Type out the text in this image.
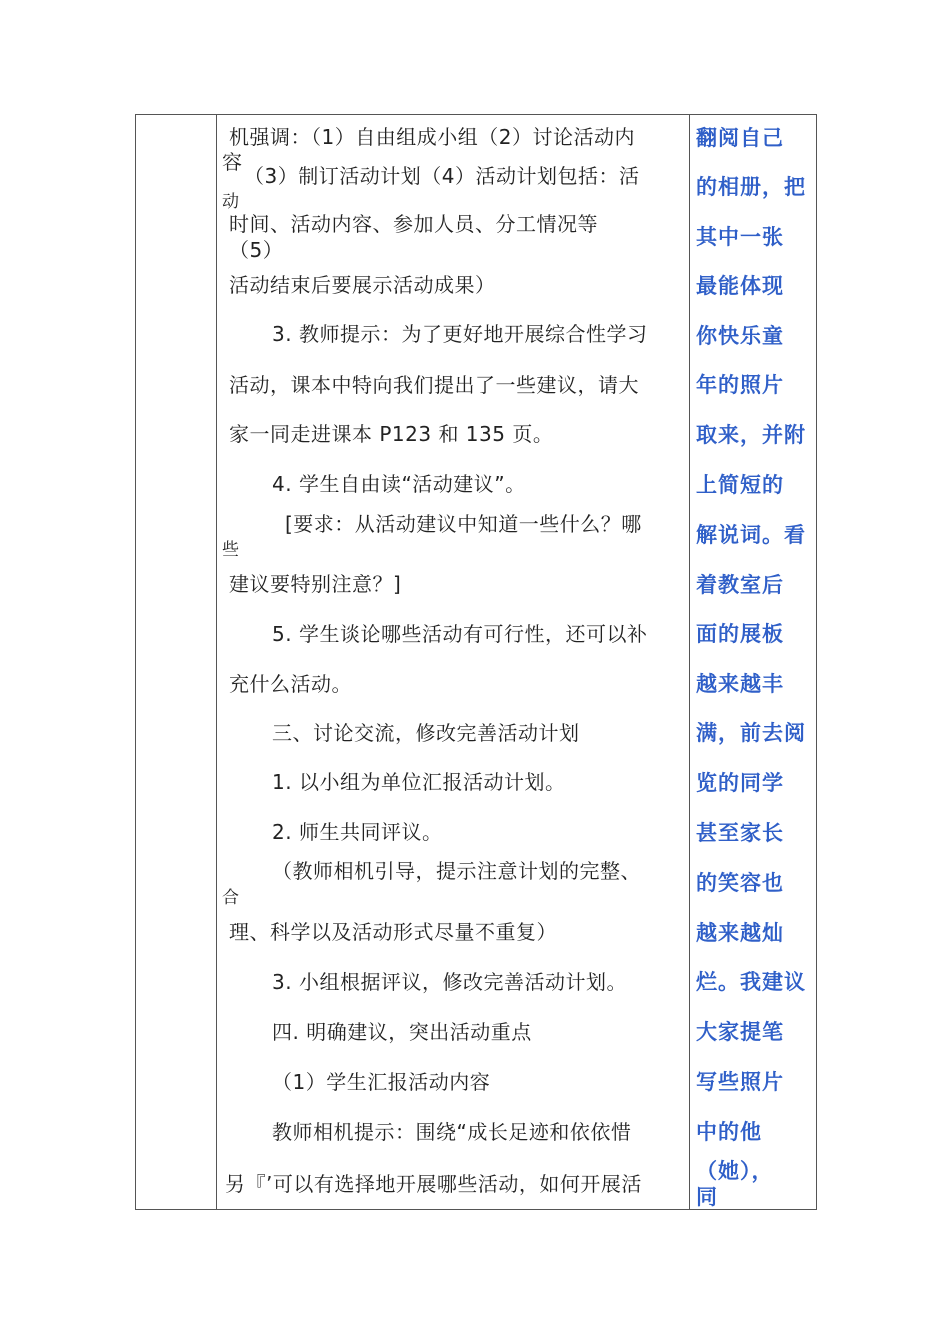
机强调：（1）自由组成小组（2）讨论活动内
容
（3）制订活动计划（4）活动计划包括：活
动
时间、活动内容、参加人员、分工情况等
（5）
活动结束后要展示活动成果）
3. 教师提示：为了更好地开展综合性学习
活动，课本中特向我们提出了一些建议，请大
家一同走进课本 P123 和 135 页。
4. 学生自由读“活动建议”。
[要求：从活动建议中知道一些什么？哪
些
建议要特别注意？]
5. 学生谈论哪些活动有可行性，还可以补
充什么活动。
三、讨论交流，修改完善活动计划
1. 以小组为单位汇报活动计划。
2. 师生共同评议。
（教师相机引导，提示注意计划的完整、
合
理、科学以及活动形式尽量不重复）
3. 小组根据评议，修改完善活动计划。
四. 明确建议，突出活动重点
（1）学生汇报活动内容
教师相机提示：围绕“成长足迹和依依惜
另『’可以有选择地开展哪些活动，如何开展活
翻阅自己
的相册，把
其中一张
最能体现
你快乐童
年的照片
取来，并附
上简短的
解说词。看
着教室后
面的展板
越来越丰
满，前去阅
览的同学
甚至家长
的笑容也
越来越灿
烂。我建议
大家提笔
写些照片
中的他
（她），
同
